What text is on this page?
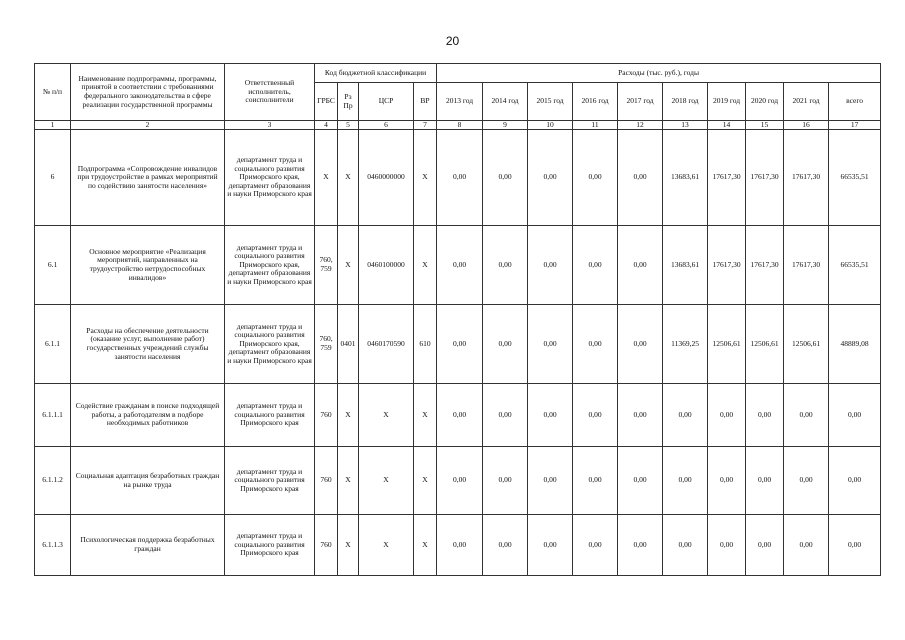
20
№ п/п	Наименование подпрограммы, программы, принятой в соответствии с требованиями федерального законодательства в сфере реализации государственной программы	Ответственный исполнитель, соисполнители	Код бюджетной классификации				Расходы (тыс. руб.), годы									
			ГРБС	Рз Пр	ЦСР	ВР	2013 год	2014 год	2015 год	2016 год	2017 год	2018 год	2019 год	2020 год	2021 год	всего
1	2	3	4	5	6	7	8	9	10	11	12	13	14	15	16	17
6	Подпрограмма «Сопровождение инвалидов при трудоустройстве в рамках мероприятий по содействию занятости населения»	департамент труда и социального развития Приморского края, департамент образования и науки Приморского края	X	X	0460000000	X	0,00	0,00	0,00	0,00	0,00	13683,61	17617,30	17617,30	17617,30	66535,51
6.1	Основное мероприятие «Реализация мероприятий, направленных на трудоустройство нетрудоспособных инвалидов»	департамент труда и социального развития Приморского края, департамент образования и науки Приморского края	760, 759	X	0460100000	X	0,00	0,00	0,00	0,00	0,00	13683,61	17617,30	17617,30	17617,30	66535,51
6.1.1	Расходы на обеспечение деятельности (оказание услуг, выполнение работ) государственных учреждений службы занятости населения	департамент труда и социального развития Приморского края, департамент образования и науки Приморского края	760, 759	0401	0460170590	610	0,00	0,00	0,00	0,00	0,00	11369,25	12506,61	12506,61	12506,61	48889,08
6.1.1.1	Содействие гражданам в поиске подходящей работы, а работодателям в подборе необходимых работников	департамент труда и социального развития Приморского края	760	X	X	X	0,00	0,00	0,00	0,00	0,00	0,00	0,00	0,00	0,00	0,00
6.1.1.2	Социальная адаптация безработных граждан на рынке труда	департамент труда и социального развития Приморского края	760	X	X	X	0,00	0,00	0,00	0,00	0,00	0,00	0,00	0,00	0,00	0,00
6.1.1.3	Психологическая поддержка безработных граждан	департамент труда и социального развития Приморского края	760	X	X	X	0,00	0,00	0,00	0,00	0,00	0,00	0,00	0,00	0,00	0,00
